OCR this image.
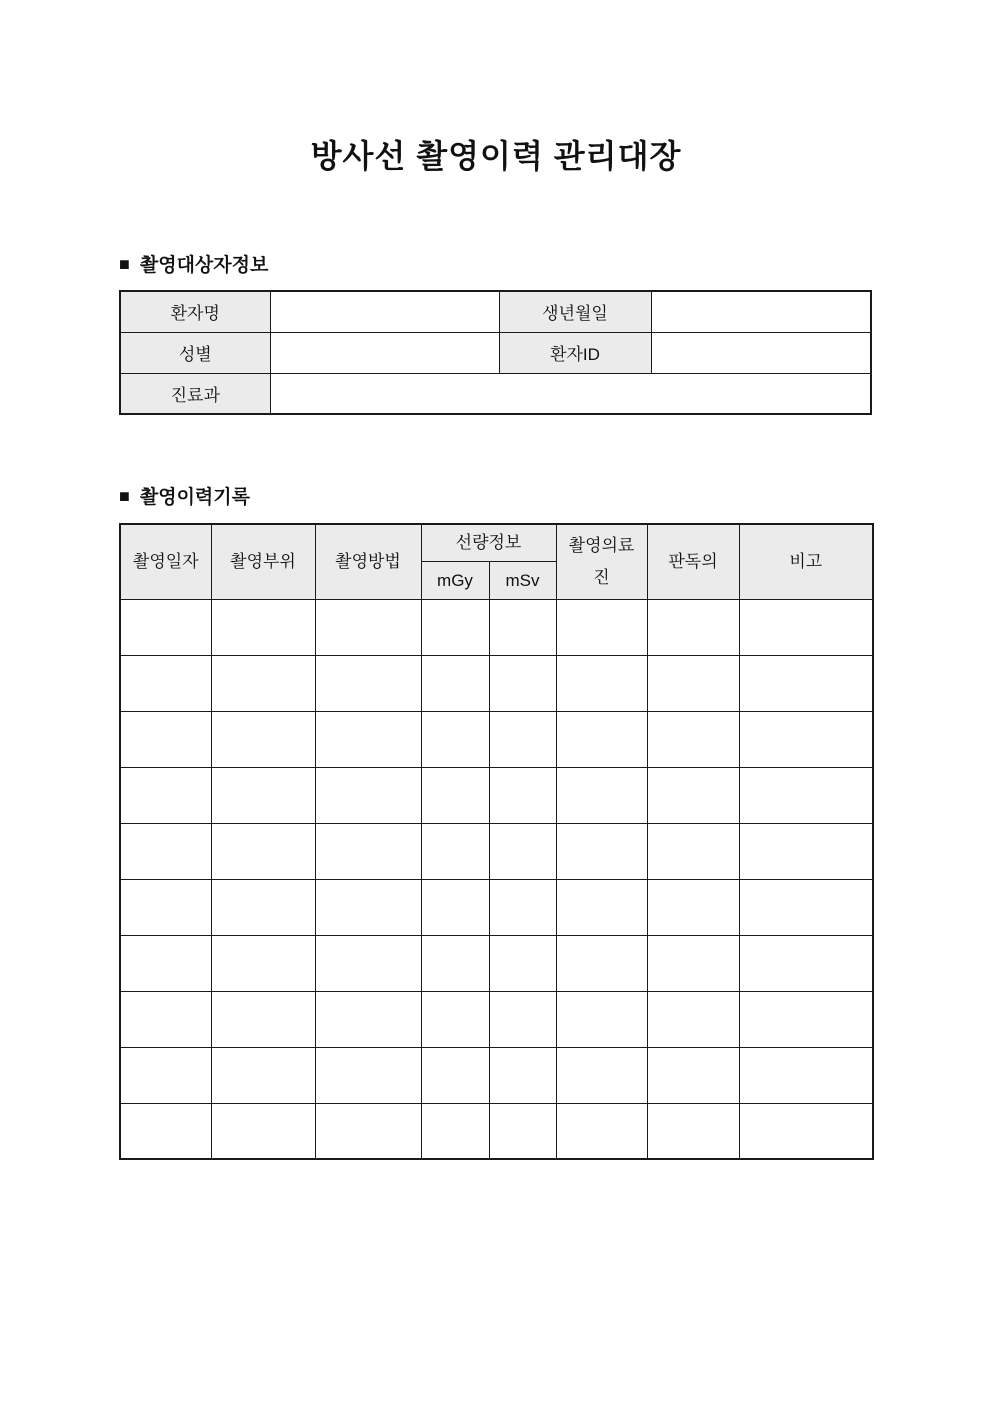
방사선 촬영이력 관리대장
■ 촬영대상자정보
환자명		생년월일	
성별		환자ID	
진료과			
■ 촬영이력기록
촬영일자	촬영부위	촬영방법	선량정보		촬영의료진	판독의	비고
			mGy	mSv			
